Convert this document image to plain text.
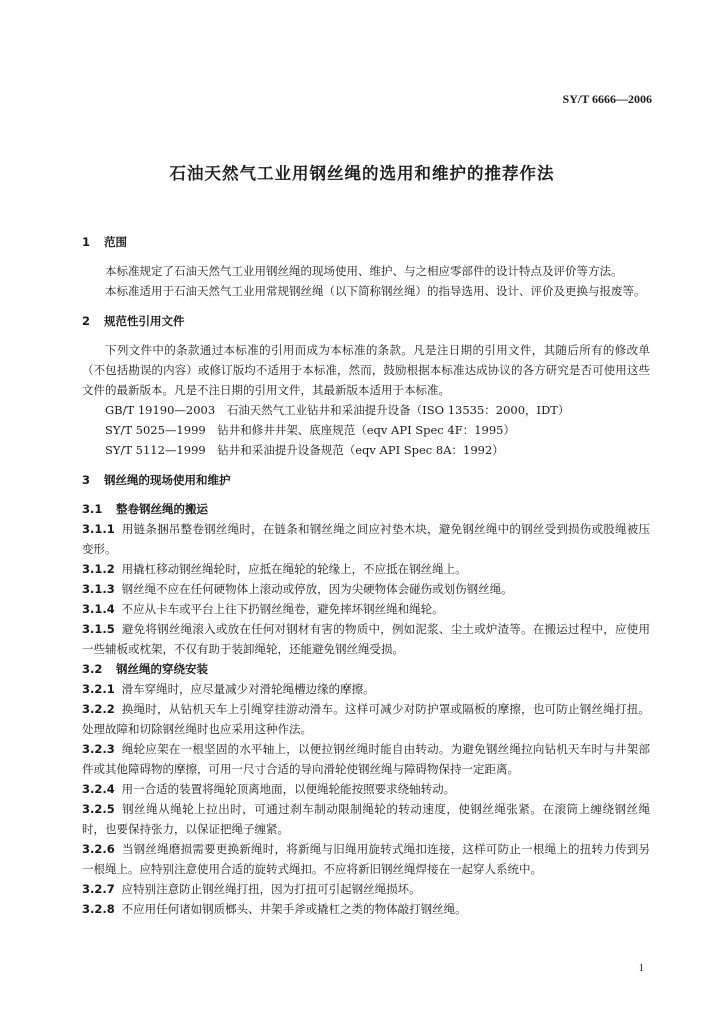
SY/T 6666—2006
石油天然气工业用钢丝绳的选用和维护的推荐作法
1 范围

本标准规定了石油天然气工业用钢丝绳的现场使用、维护、与之相应零部件的设计特点及评价等方法。

本标准适用于石油天然气工业用常规钢丝绳（以下简称钢丝绳）的指导选用、设计、评价及更换与报废等。

2 规范性引用文件

下列文件中的条款通过本标准的引用而成为本标准的条款。凡是注日期的引用文件，其随后所有的修改单（不包括勘误的内容）或修订版均不适用于本标准，然而，鼓励根据本标准达成协议的各方研究是否可使用这些文件的最新版本。凡是不注日期的引用文件，其最新版本适用于本标准。

GB/T 19190—2003　石油天然气工业钻井和采油提升设备（ISO 13535：2000，IDT）
SY/T 5025—1999　钻井和修井井架、底座规范（eqv API Spec 4F：1995）
SY/T 5112—1999　钻井和采油提升设备规范（eqv API Spec 8A：1992）
3 钢丝绳的现场使用和维护
3.1 整卷钢丝绳的搬运
3.1.1 用链条捆吊整卷钢丝绳时，在链条和钢丝绳之间应衬垫木块，避免钢丝绳中的钢丝受到损伤或股绳被压变形。
3.1.2 用撬杠移动钢丝绳轮时，应抵在绳轮的轮缘上，不应抵在钢丝绳上。
3.1.3 钢丝绳不应在任何硬物体上滚动或停放，因为尖硬物体会碰伤或划伤钢丝绳。
3.1.4 不应从卡车或平台上往下扔钢丝绳卷，避免摔坏钢丝绳和绳轮。
3.1.5 避免将钢丝绳滚入或放在任何对钢材有害的物质中，例如泥浆、尘土或炉渣等。在搬运过程中，应使用一些辅板或枕架，不仅有助于装卸绳轮，还能避免钢丝绳受损。
3.2 钢丝绳的穿绕安装
3.2.1 滑车穿绳时，应尽量减少对滑轮绳槽边缘的摩擦。
3.2.2 换绳时，从钻机天车上引绳穿挂游动滑车。这样可减少对防护罩或隔板的摩擦，也可防止钢丝绳打扭。处理故障和切除钢丝绳时也应采用这种作法。
3.2.3 绳轮应架在一根坚固的水平轴上，以便拉钢丝绳时能自由转动。为避免钢丝绳拉向钻机天车时与井架部件或其他障碍物的摩擦，可用一尺寸合适的导向滑轮使钢丝绳与障碍物保持一定距离。
3.2.4 用一合适的装置将绳轮顶离地面，以便绳轮能按照要求绕轴转动。
3.2.5 钢丝绳从绳轮上拉出时，可通过刹车制动限制绳轮的转动速度，使钢丝绳张紧。在滚筒上缠绕钢丝绳时，也要保持张力，以保证把绳子缠紧。
3.2.6 当钢丝绳磨损需要更换新绳时，将新绳与旧绳用旋转式绳扣连接，这样可防止一根绳上的扭转力传到另一根绳上。应特别注意使用合适的旋转式绳扣。不应将新旧钢丝绳焊接在一起穿人系统中。
3.2.7 应特别注意防止钢丝绳打扭，因为打扭可引起钢丝绳损坏。
3.2.8 不应用任何诸如钢质榔头、井架手斧或撬杠之类的物体敲打钢丝绳。
1
